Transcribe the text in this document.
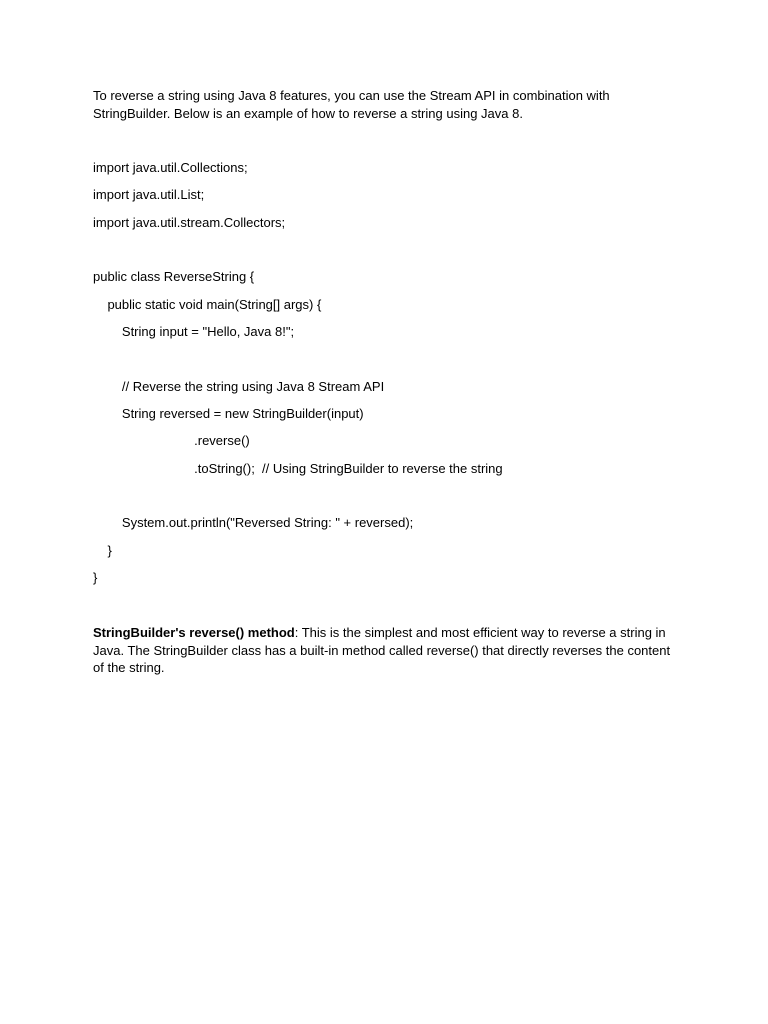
To reverse a string using Java 8 features, you can use the Stream API in combination with StringBuilder. Below is an example of how to reverse a string using Java 8.

import java.util.Collections;
import java.util.List;
import java.util.stream.Collectors;
public class ReverseString {
public static void main(String[] args) {
String input = "Hello, Java 8!";
// Reverse the string using Java 8 Stream API
String reversed = new StringBuilder(input)
.reverse()
.toString();  // Using StringBuilder to reverse the string
System.out.println("Reversed String: " + reversed);
}
}

StringBuilder's reverse() method: This is the simplest and most efficient way to reverse a string in Java. The StringBuilder class has a built-in method called reverse() that directly reverses the content of the string.
